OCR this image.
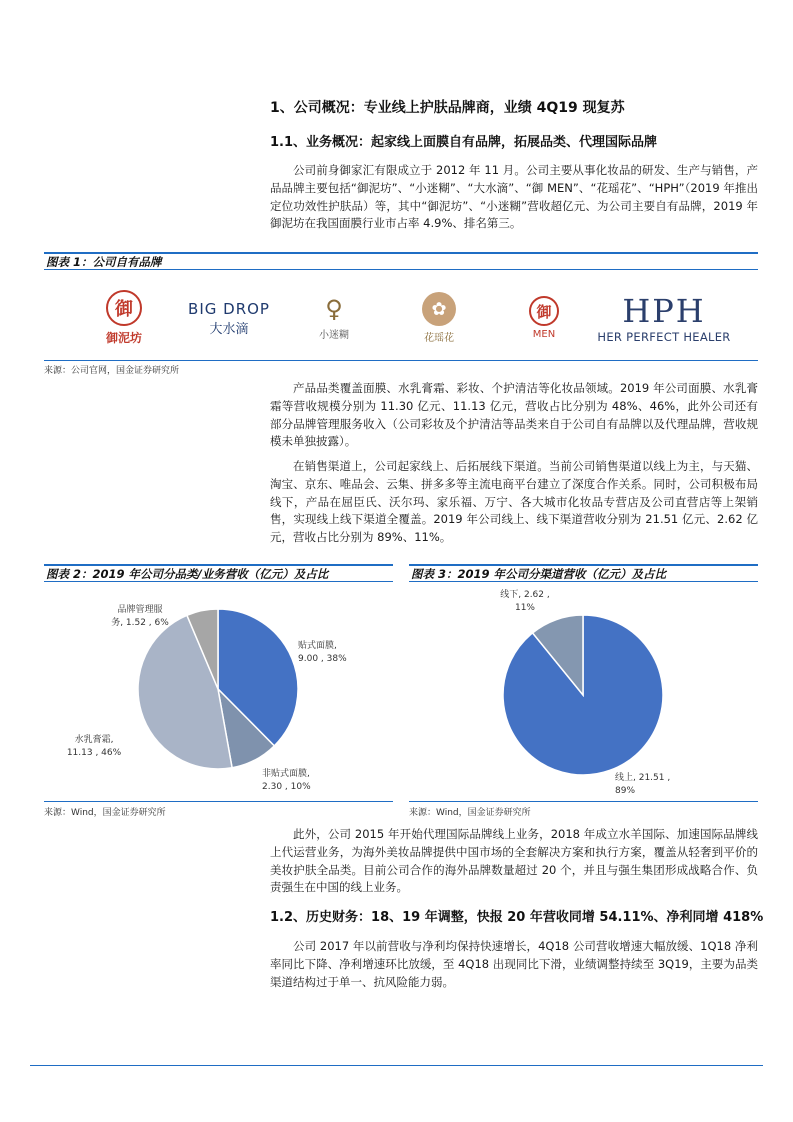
1、公司概况：专业线上护肤品牌商，业绩 4Q19 现复苏
1.1、业务概况：起家线上面膜自有品牌，拓展品类、代理国际品牌
公司前身御家汇有限成立于 2012 年 11 月。公司主要从事化妆品的研发、生产与销售，产品品牌主要包括“御泥坊”、“小迷糊”、“大水滴”、“御 MEN”、“花瑶花”、“HPH”（2019 年推出定位功效性护肤品）等，其中“御泥坊”、“小迷糊”营收超亿元、为公司主要自有品牌，2019 年御泥坊在我国面膜行业市占率 4.9%、排名第三。
图表 1：公司自有品牌
御
御泥坊
BIG DROP
大水滴
♀
小迷糊
✿
花瑶花
御
MEN
HPH
HER PERFECT HEALER
来源：公司官网，国金证券研究所
产品品类覆盖面膜、水乳膏霜、彩妆、个护清洁等化妆品领域。2019 年公司面膜、水乳膏霜等营收规模分别为 11.30 亿元、11.13 亿元，营收占比分别为 48%、46%，此外公司还有部分品牌管理服务收入（公司彩妆及个护清洁等品类来自于公司自有品牌以及代理品牌，营收规模未单独披露）。
在销售渠道上，公司起家线上、后拓展线下渠道。当前公司销售渠道以线上为主，与天猫、淘宝、京东、唯品会、云集、拼多多等主流电商平台建立了深度合作关系。同时，公司积极布局线下，产品在屈臣氏、沃尔玛、家乐福、万宁、各大城市化妆品专营店及公司直营店等上架销售，实现线上线下渠道全覆盖。2019 年公司线上、线下渠道营收分别为 21.51 亿元、2.62 亿元，营收占比分别为 89%、11%。
图表 2：2019 年公司分品类/业务营收（亿元）及占比	图表 3：2019 年公司分渠道营收（亿元）及占比
贴式面膜,
9.00 , 38%
非贴式面膜,
2.30 , 10%
水乳膏霜,
11.13 , 46%
品牌管理服
务, 1.52 , 6%
线上, 21.51 ,
89%
线下, 2.62 ,
11%
来源：Wind，国金证券研究所	来源：Wind，国金证券研究所
此外，公司 2015 年开始代理国际品牌线上业务，2018 年成立水羊国际、加速国际品牌线上代运营业务，为海外美妆品牌提供中国市场的全套解决方案和执行方案，覆盖从轻奢到平价的美妆护肤全品类。目前公司合作的海外品牌数量超过 20 个，并且与强生集团形成战略合作、负责强生在中国的线上业务。
1.2、历史财务：18、19 年调整，快报 20 年营收同增 54.11%、净利同增 418%
公司 2017 年以前营收与净利均保持快速增长，4Q18 公司营收增速大幅放缓、1Q18 净利率同比下降、净利增速环比放缓，至 4Q18 出现同比下滑，业绩调整持续至 3Q19，主要为品类渠道结构过于单一、抗风险能力弱。
